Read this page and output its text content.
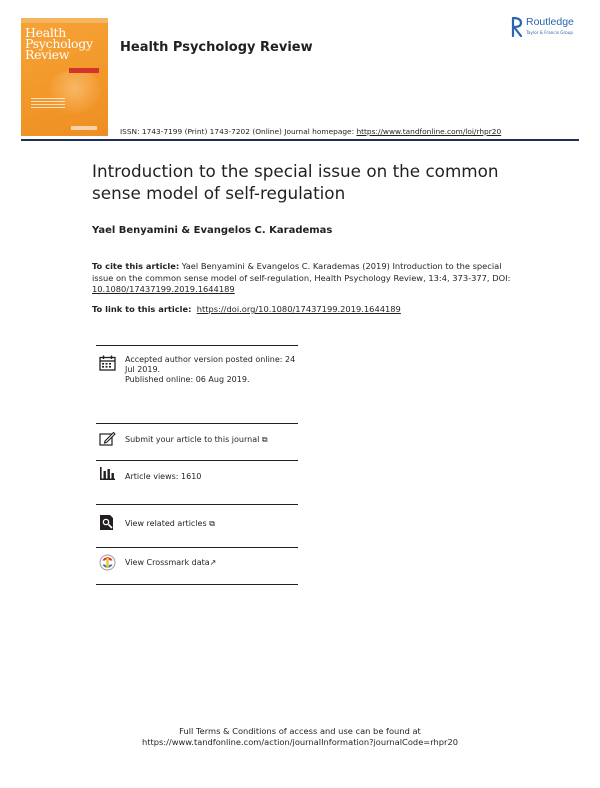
Health
Psychology
Review	Health Psychology Review
ISSN: 1743-7199 (Print) 1743-7202 (Online) Journal homepage: https://www.tandfonline.com/loi/rhpr20
Routledge
Taylor & Francis Group
Introduction to the special issue on the common sense model of self-regulation
Yael Benyamini & Evangelos C. Karademas
To cite this article: Yael Benyamini & Evangelos C. Karademas (2019) Introduction to the special issue on the common sense model of self-regulation, Health Psychology Review, 13:4, 373-377, DOI: 10.1080/17437199.2019.1644189
To link to this article: https://doi.org/10.1080/17437199.2019.1644189
Accepted author version posted online: 24 Jul 2019.
Published online: 06 Aug 2019.
Submit your article to this journal ⧉
Article views: 1610
View related articles ⧉
View Crossmark data↗
Full Terms & Conditions of access and use can be found at
https://www.tandfonline.com/action/journalInformation?journalCode=rhpr20
